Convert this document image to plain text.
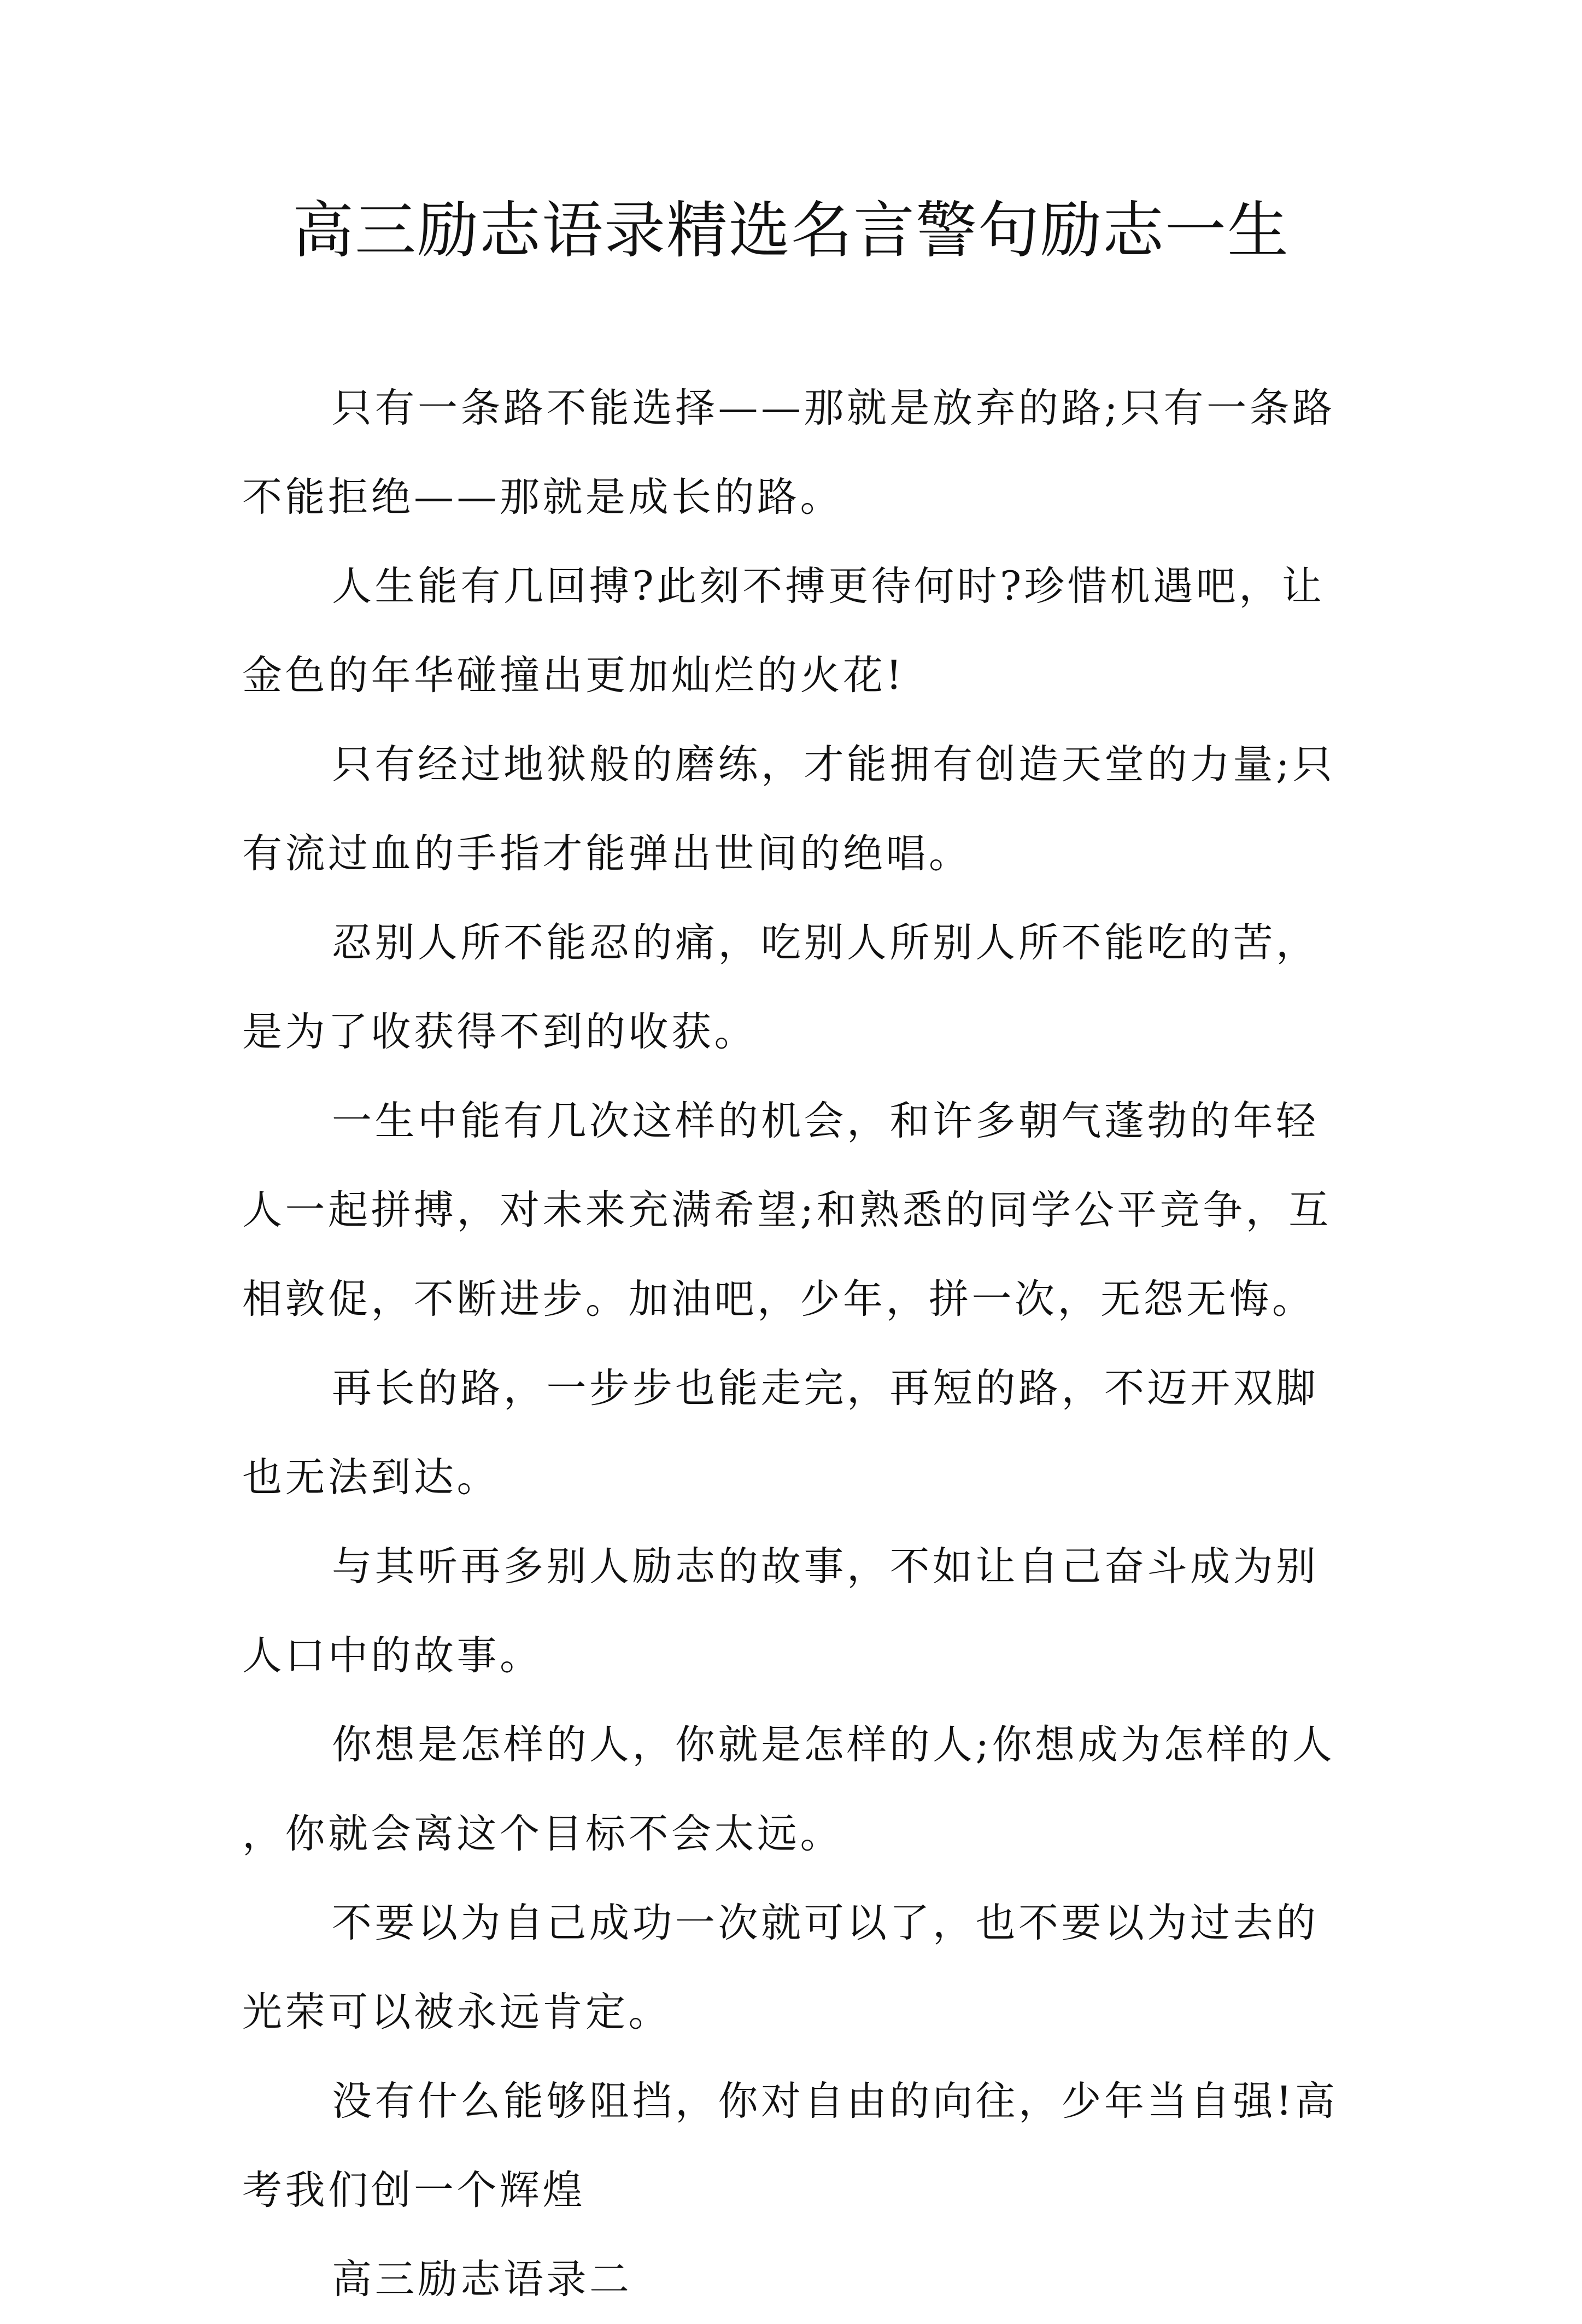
高三励志语录精选名言警句励志一生

只有一条路不能选择——那就是放弃的路;只有一条路不能拒绝——那就是成长的路。

人生能有几回搏?此刻不搏更待何时?珍惜机遇吧，让金色的年华碰撞出更加灿烂的火花!

只有经过地狱般的磨练，才能拥有创造天堂的力量;只有流过血的手指才能弹出世间的绝唱。

忍别人所不能忍的痛，吃别人所别人所不能吃的苦，是为了收获得不到的收获。

一生中能有几次这样的机会，和许多朝气蓬勃的年轻人一起拼搏，对未来充满希望;和熟悉的同学公平竞争，互相敦促，不断进步。加油吧，少年，拼一次，无怨无悔。

再长的路，一步步也能走完，再短的路，不迈开双脚也无法到达。

与其听再多别人励志的故事，不如让自己奋斗成为别人口中的故事。

你想是怎样的人，你就是怎样的人;你想成为怎样的人，你就会离这个目标不会太远。

不要以为自己成功一次就可以了，也不要以为过去的光荣可以被永远肯定。

没有什么能够阻挡，你对自由的向往，少年当自强!高考我们创一个辉煌

高三励志语录二
